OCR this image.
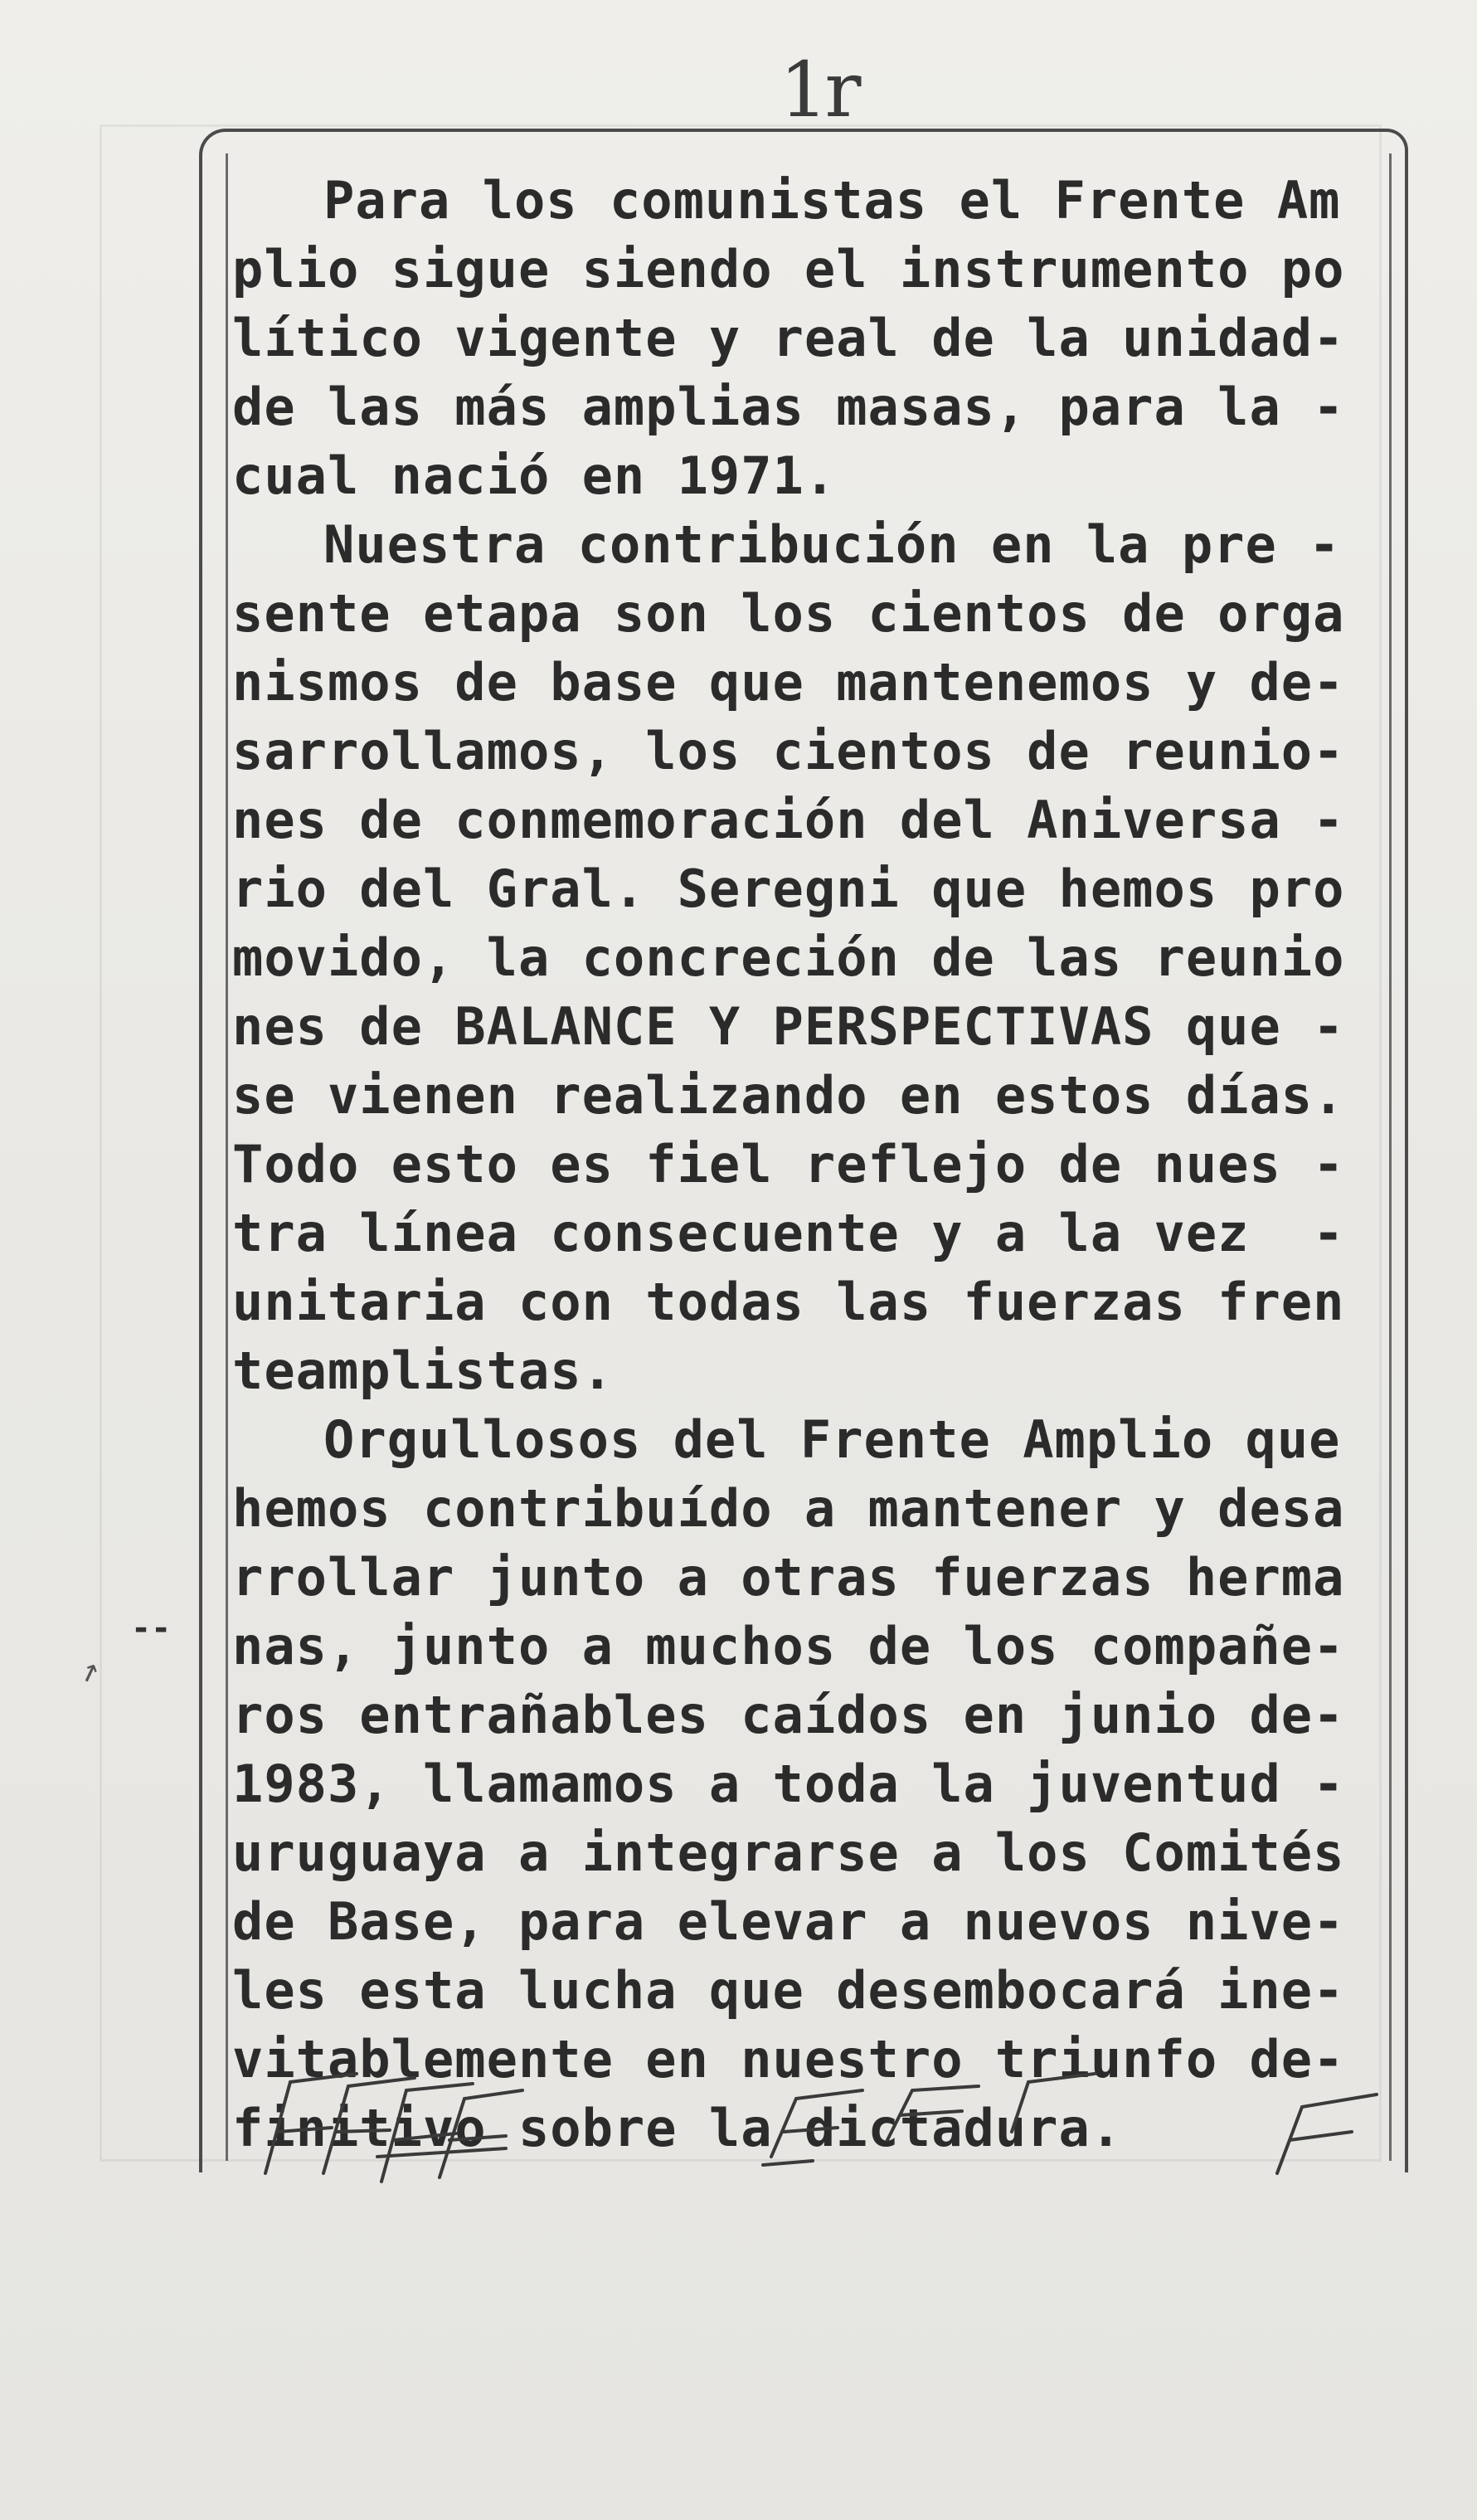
1r
--
↗
Para los comunistas el Frente Am
plio sigue siendo el instrumento po
lítico vigente y real de la unidad-
de las más amplias masas, para la -
cual nació en 1971.
Nuestra contribución en la pre -
sente etapa son los cientos de orga
nismos de base que mantenemos y de-
sarrollamos, los cientos de reunio-
nes de conmemoración del Aniversa -
rio del Gral. Seregni que hemos pro
movido, la concreción de las reunio
nes de BALANCE Y PERSPECTIVAS que -
se vienen realizando en estos días.
Todo esto es fiel reflejo de nues -
tra línea consecuente y a la vez  -
unitaria con todas las fuerzas fren
teamplistas.
Orgullosos del Frente Amplio que
hemos contribuído a mantener y desa
rrollar junto a otras fuerzas herma
nas, junto a muchos de los compañe-
ros entrañables caídos en junio de-
1983, llamamos a toda la juventud -
uruguaya a integrarse a los Comités
de Base, para elevar a nuevos nive-
les esta lucha que desembocará ine-
vitablemente en nuestro triunfo de-
finitivo sobre la dictadura.
